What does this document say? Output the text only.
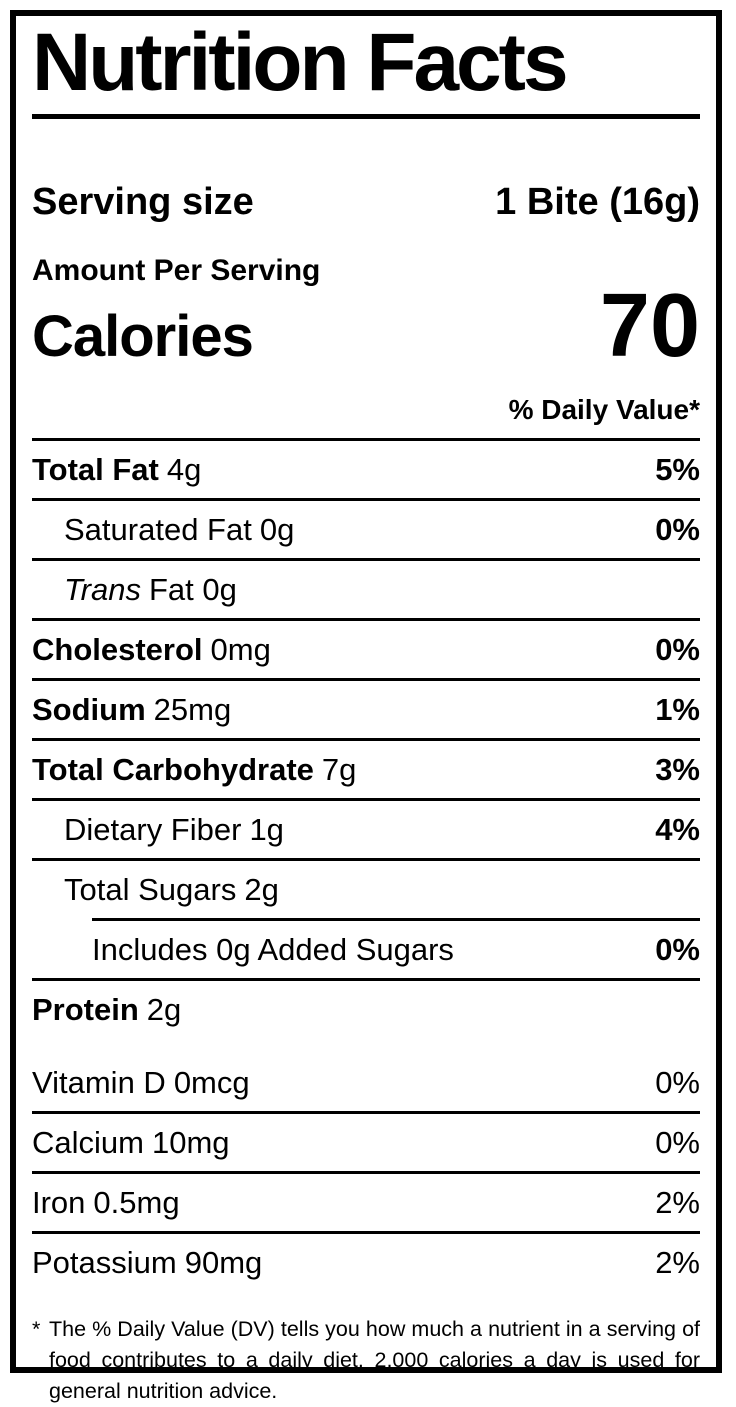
Nutrition Facts
Serving size	1 Bite (16g)
Amount Per Serving
Calories	70
% Daily Value*
Total Fat 4g	5%
Saturated Fat 0g	0%
Trans Fat 0g
Cholesterol 0mg	0%
Sodium 25mg	1%
Total Carbohydrate 7g	3%
Dietary Fiber 1g	4%
Total Sugars 2g
Includes 0g Added Sugars	0%
Protein 2g
Vitamin D 0mcg	0%
Calcium 10mg	0%
Iron 0.5mg	2%
Potassium 90mg	2%
* The % Daily Value (DV) tells you how much a nutrient in a serving of food contributes to a daily diet. 2,000 calories a day is used for general nutrition advice.
